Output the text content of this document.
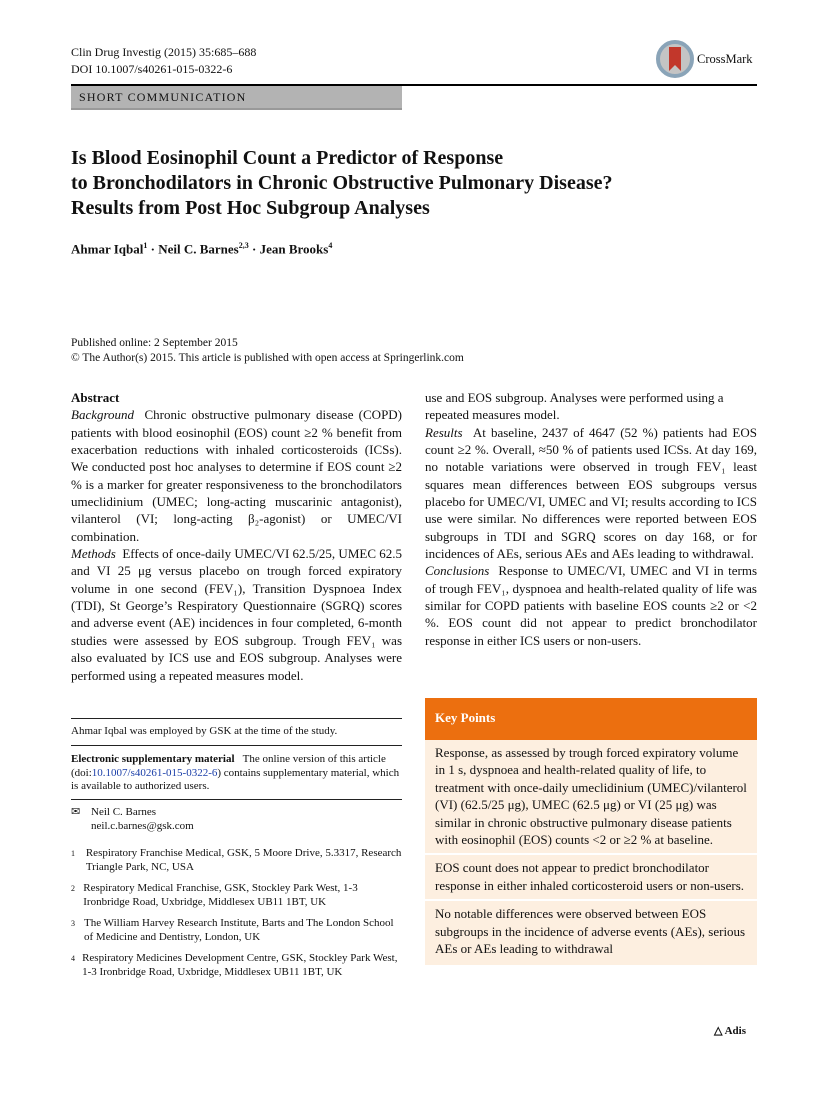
Clin Drug Investig (2015) 35:685–688
DOI 10.1007/s40261-015-0322-6
CrossMark
SHORT COMMUNICATION
Is Blood Eosinophil Count a Predictor of Response
to Bronchodilators in Chronic Obstructive Pulmonary Disease?
Results from Post Hoc Subgroup Analyses
Ahmar Iqbal$^1$ · Neil C. Barnes$^{2,3}$ · Jean Brooks$^4$
Published online: 2 September 2015
© The Author(s) 2015. This article is published with open access at Springerlink.com
Abstract

Background Chronic obstructive pulmonary disease (COPD) patients with blood eosinophil (EOS) count ≥2 % benefit from exacerbation reductions with inhaled corticosteroids (ICSs). We conducted post hoc analyses to determine if EOS count ≥2 % is a marker for greater responsiveness to the bronchodilators umeclidinium (UMEC; long-acting muscarinic antagonist), vilanterol (VI; long-acting β₂-agonist) or UMEC/VI combination.

Methods Effects of once-daily UMEC/VI 62.5/25, UMEC 62.5 and VI 25 μg versus placebo on trough forced expiratory volume in one second (FEV₁), Transition Dyspnoea Index (TDI), St George’s Respiratory Questionnaire (SGRQ) scores and adverse event (AE) incidences in four completed, 6-month studies were assessed by EOS subgroup. Trough FEV₁ was also evaluated by ICS use and EOS subgroup. Analyses were performed using a repeated measures model.

use and EOS subgroup. Analyses were performed using a repeated measures model.

Results At baseline, 2437 of 4647 (52 %) patients had EOS count ≥2 %. Overall, ≈50 % of patients used ICSs. At day 169, no notable variations were observed in trough FEV₁ least squares mean differences between EOS subgroups versus placebo for UMEC/VI, UMEC and VI; results according to ICS use were similar. No differences were reported between EOS subgroups in TDI and SGRQ scores on day 168, or for incidences of AEs, serious AEs and AEs leading to withdrawal.

Conclusions Response to UMEC/VI, UMEC and VI in terms of trough FEV₁, dyspnoea and health-related quality of life was similar for COPD patients with baseline EOS counts ≥2 or <2 %. EOS count did not appear to predict bronchodilator response in either ICS users or non-users.

Ahmar Iqbal was employed by GSK at the time of the study.
Electronic supplementary material The online version of this article (doi:10.1007/s40261-015-0322-6) contains supplementary material, which is available to authorized users.
✉ Neil C. Barnes
neil.c.barnes@gsk.com
1 Respiratory Franchise Medical, GSK, 5 Moore Drive, 5.3317, Research Triangle Park, NC, USA
2 Respiratory Medical Franchise, GSK, Stockley Park West, 1-3 Ironbridge Road, Uxbridge, Middlesex UB11 1BT, UK
3 The William Harvey Research Institute, Barts and The London School of Medicine and Dentistry, London, UK
4 Respiratory Medicines Development Centre, GSK, Stockley Park West, 1-3 Ironbridge Road, Uxbridge, Middlesex UB11 1BT, UK
Key Points
Response, as assessed by trough forced expiratory volume in 1 s, dyspnoea and health-related quality of life, to treatment with once-daily umeclidinium (UMEC)/vilanterol (VI) (62.5/25 μg), UMEC (62.5 μg) or VI (25 μg) was similar in chronic obstructive pulmonary disease patients with eosinophil (EOS) counts <2 or ≥2 % at baseline.
EOS count does not appear to predict bronchodilator response in either inhaled corticosteroid users or non-users.
No notable differences were observed between EOS subgroups in the incidence of adverse events (AEs), serious AEs or AEs leading to withdrawal
△ Adis
